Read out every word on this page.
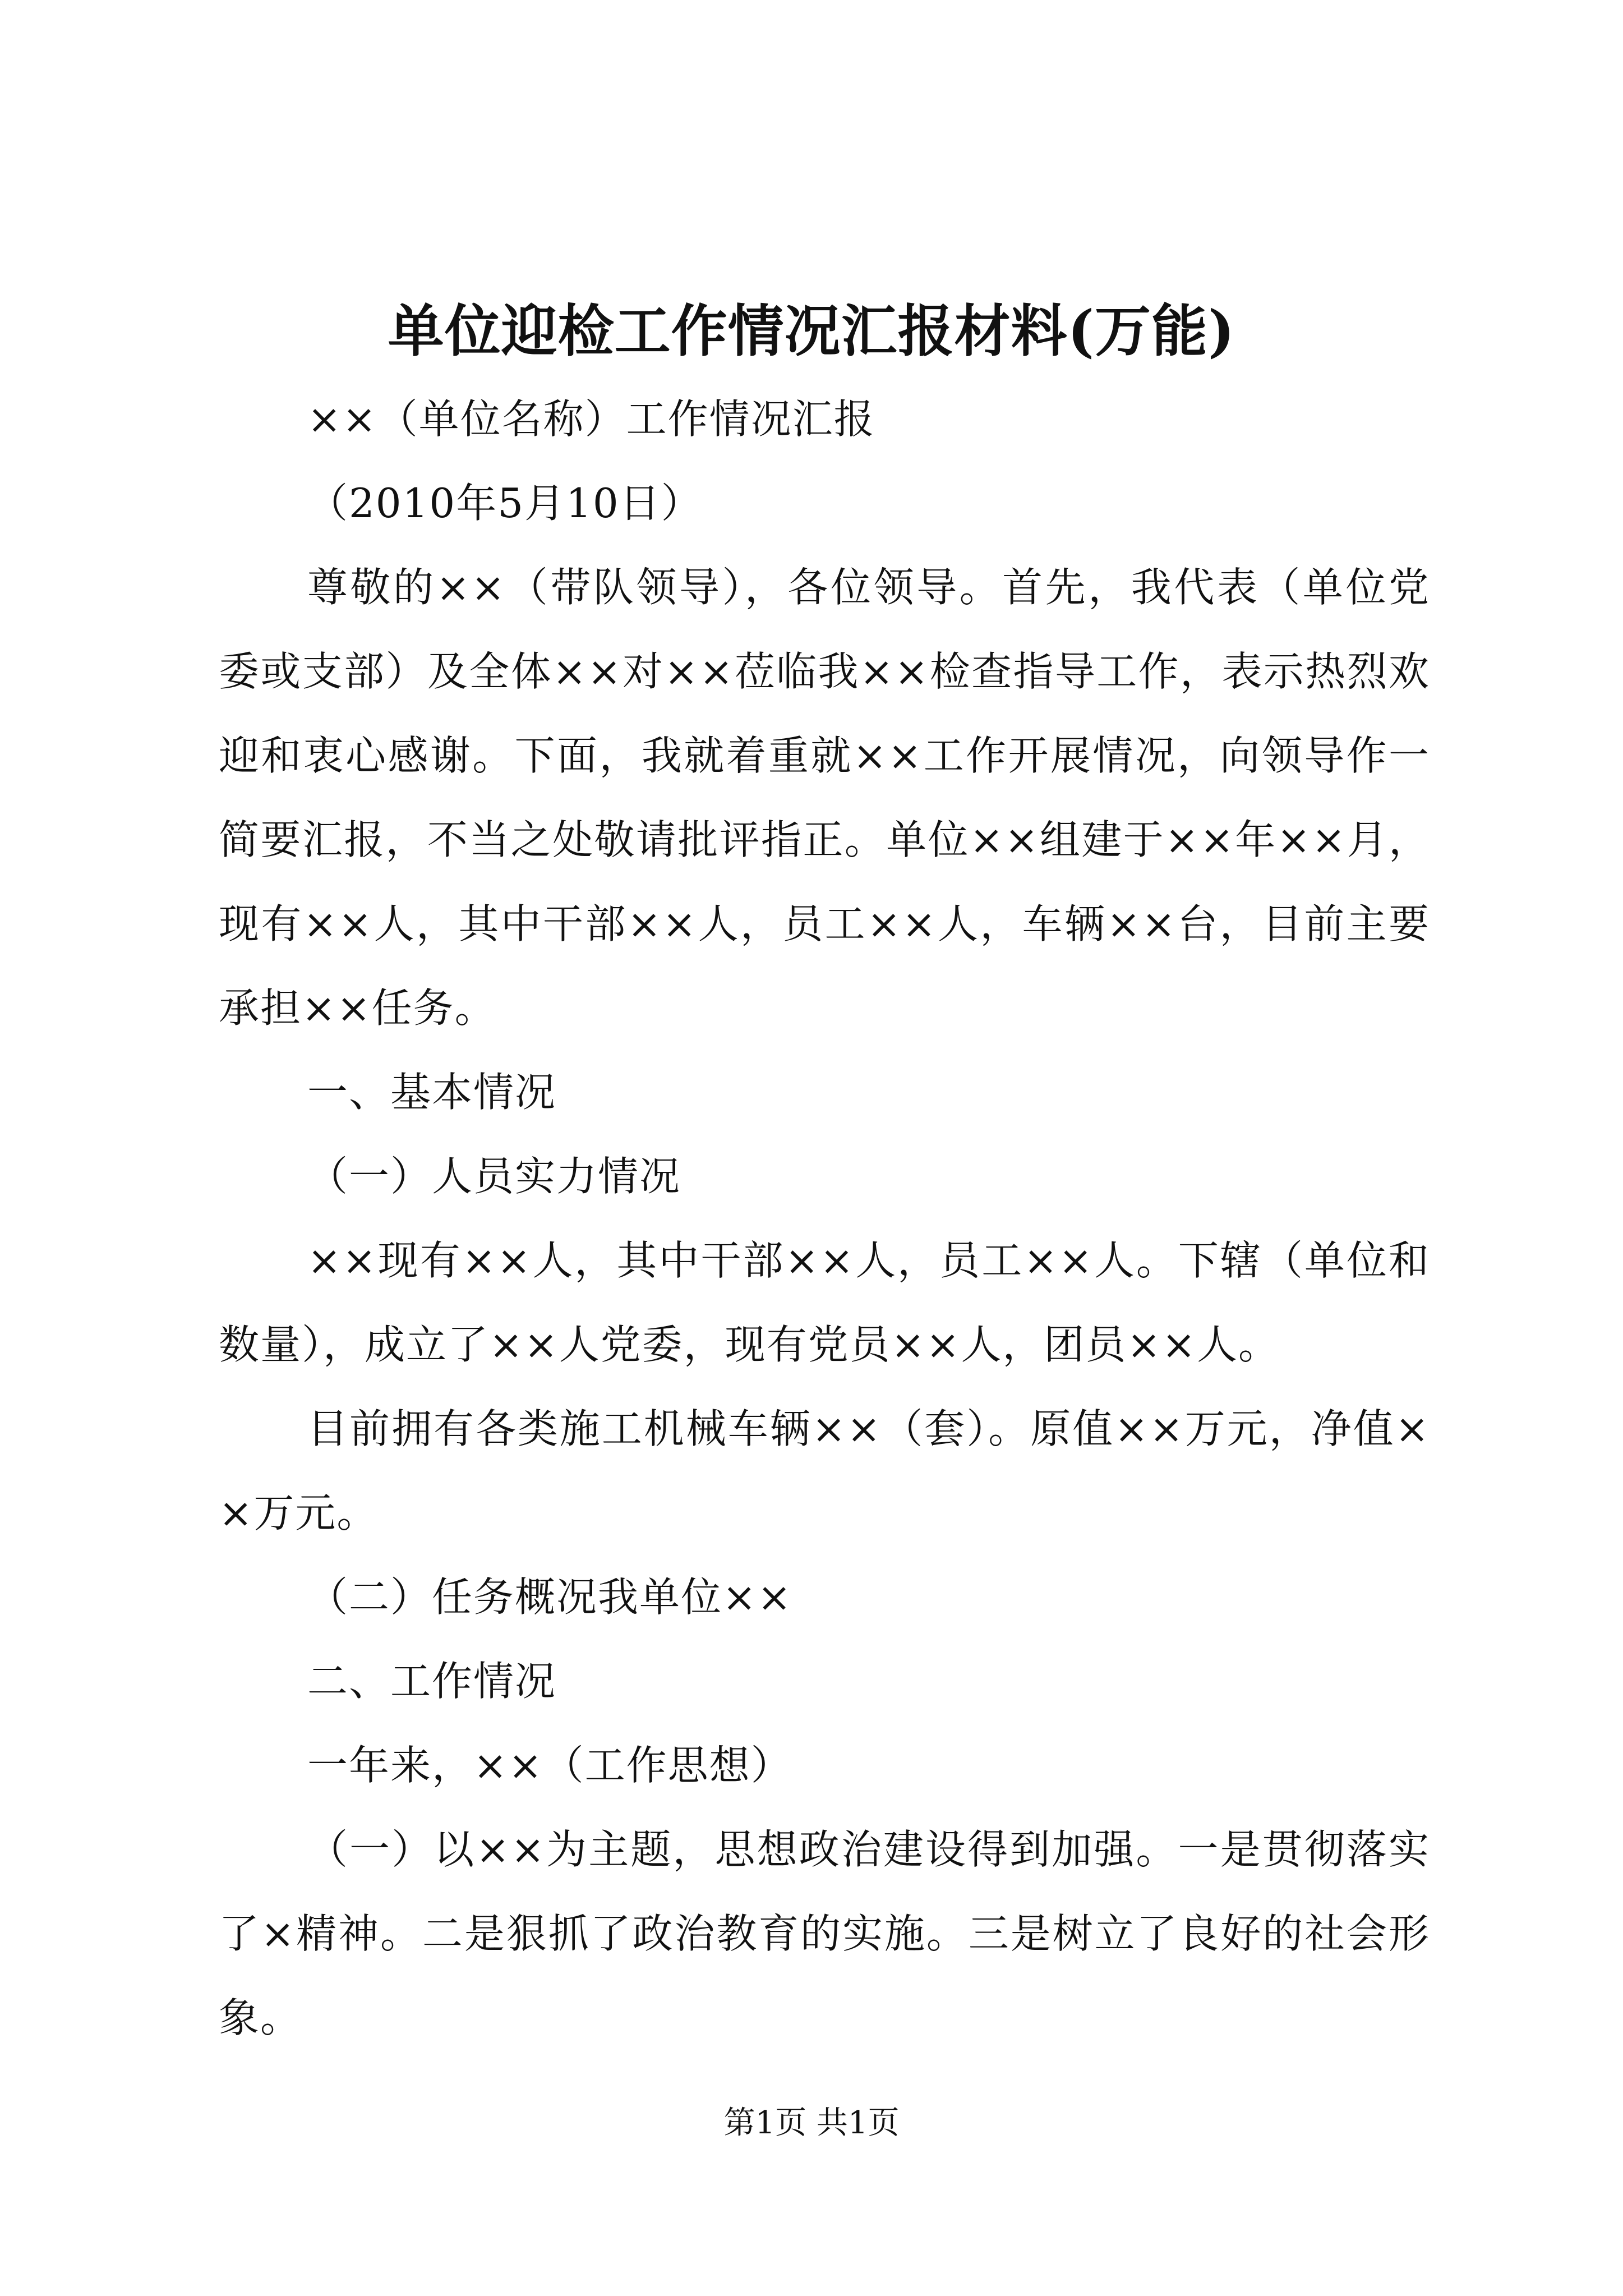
单位迎检工作情况汇报材料(万能)

××（单位名称）工作情况汇报

（2010年5月10日）

尊敬的××（带队领导），各位领导。首先，我代表（单位党委或支部）及全体××对××莅临我××检查指导工作，表示热烈欢迎和衷心感谢。下面，我就着重就××工作开展情况，向领导作一简要汇报，不当之处敬请批评指正。单位××组建于××年××月，现有××人，其中干部××人，员工××人，车辆××台，目前主要承担××任务。

一、基本情况

（一）人员实力情况

××现有××人，其中干部××人，员工××人。下辖（单位和数量），成立了××人党委，现有党员××人，团员××人。

目前拥有各类施工机械车辆××（套）。原值××万元，净值××万元。

（二）任务概况我单位××

二、工作情况

一年来，××（工作思想）

（一）以××为主题，思想政治建设得到加强。一是贯彻落实了×精神。二是狠抓了政治教育的实施。三是树立了良好的社会形象。

第1页 共1页
